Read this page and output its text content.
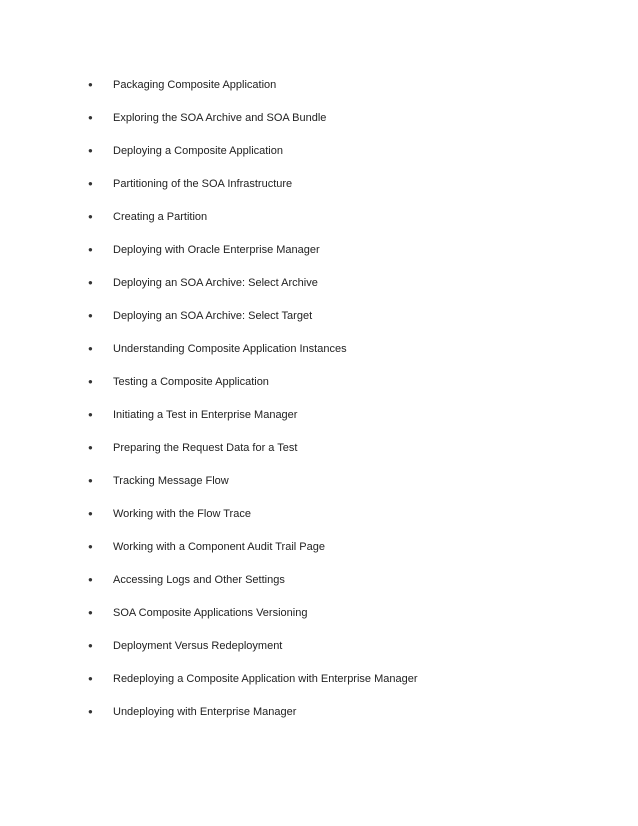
●	Packaging Composite Application
●	Exploring the SOA Archive and SOA Bundle
●	Deploying a Composite Application
●	Partitioning of the SOA Infrastructure
●	Creating a Partition
●	Deploying with Oracle Enterprise Manager
●	Deploying an SOA Archive: Select Archive
●	Deploying an SOA Archive: Select Target
●	Understanding Composite Application Instances
●	Testing a Composite Application
●	Initiating a Test in Enterprise Manager
●	Preparing the Request Data for a Test
●	Tracking Message Flow
●	Working with the Flow Trace
●	Working with a Component Audit Trail Page
●	Accessing Logs and Other Settings
●	SOA Composite Applications Versioning
●	Deployment Versus Redeployment
●	Redeploying a Composite Application with Enterprise Manager
●	Undeploying with Enterprise Manager
